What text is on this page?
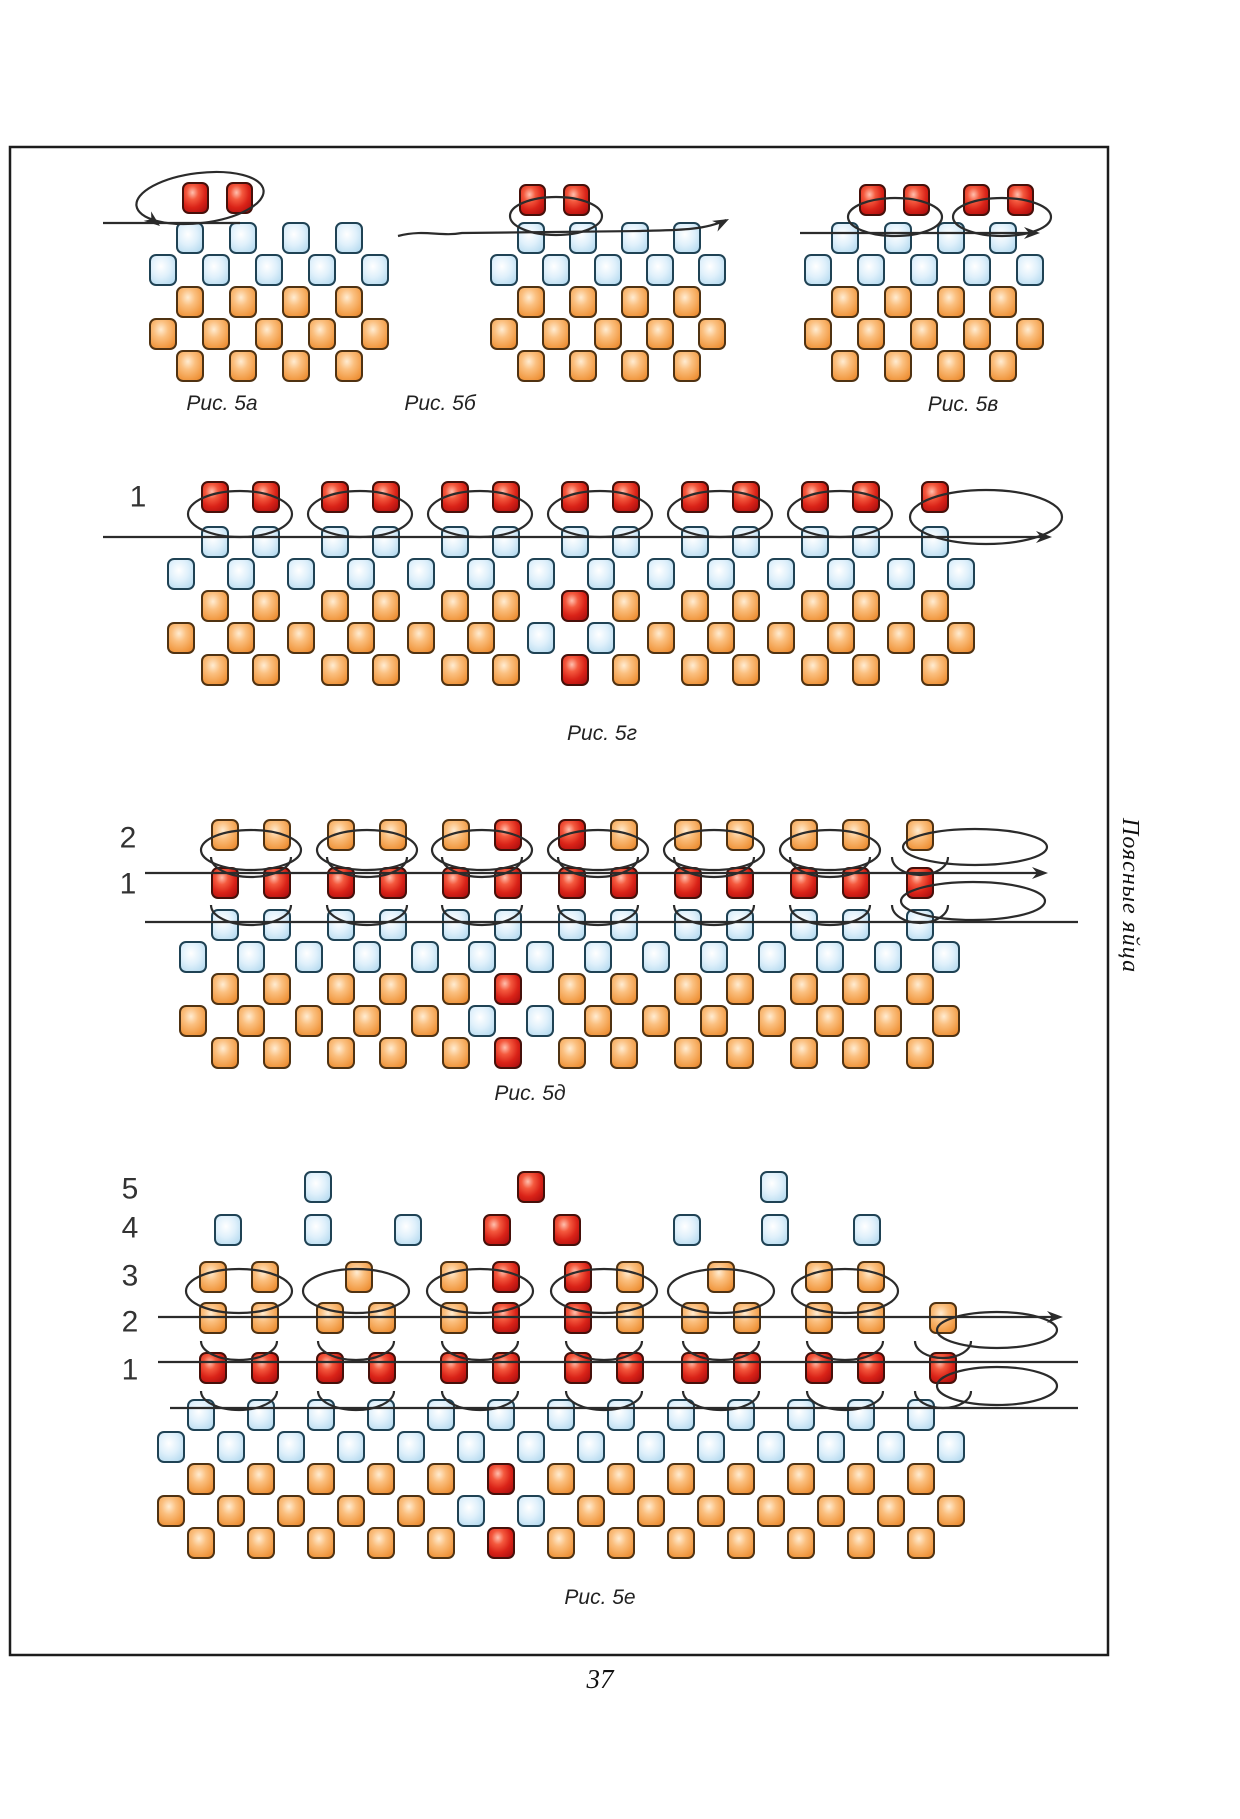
Рис. 5а	Рис. 5б	Рис. 5в
1
Рис. 5г
2
1
Рис. 5д
5
4
3
2
1
Рис. 5е
Поясные яйца
37
